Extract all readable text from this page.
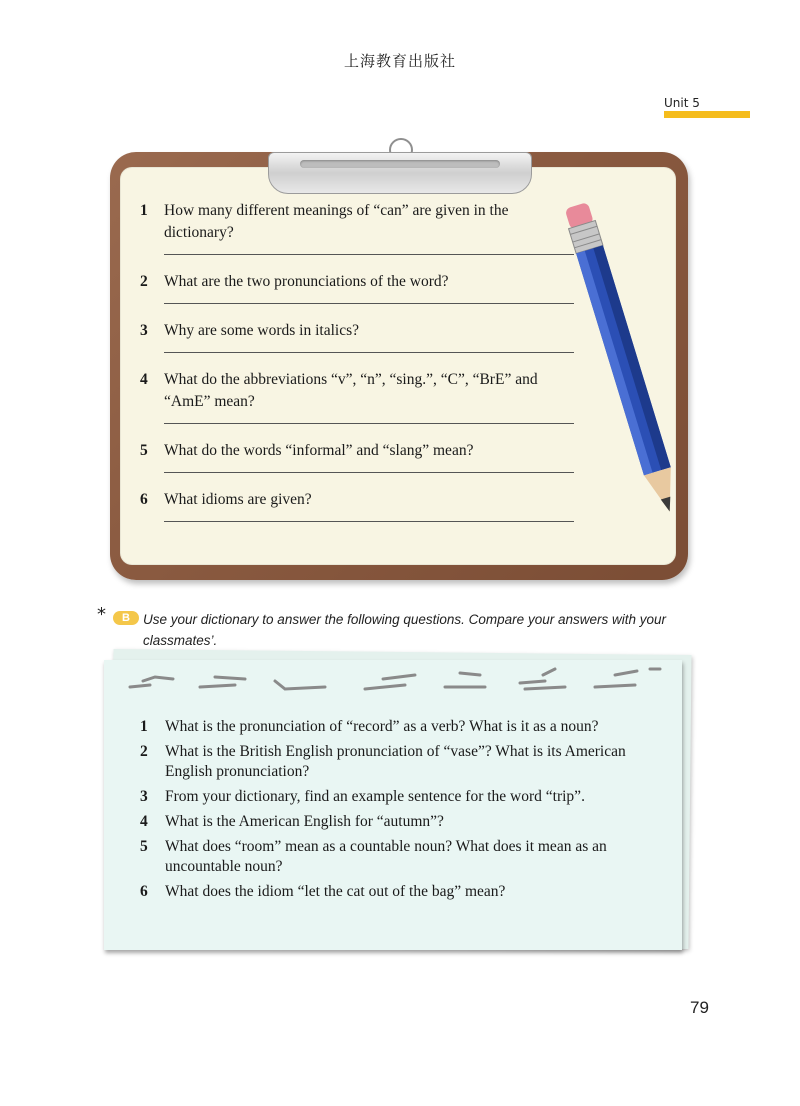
上海教育出版社
Unit 5
1	How many different meanings of “can” are given in the dictionary?
2	What are the two pronunciations of the word?
3	Why are some words in italics?
4	What do the abbreviations “v”, “n”, “sing.”, “C”, “BrE” and “AmE” mean?
5	What do the words “informal” and “slang” mean?
6	What idioms are given?
*	B Use your dictionary to answer the following questions. Compare your answers with your classmates’.
1	What is the pronunciation of “record” as a verb? What is it as a noun?
2	What is the British English pronunciation of “vase”? What is its American English pronunciation?
3	From your dictionary, find an example sentence for the word “trip”.
4	What is the American English for “autumn”?
5	What does “room” mean as a countable noun? What does it mean as an uncountable noun?
6	What does the idiom “let the cat out of the bag” mean?
79
